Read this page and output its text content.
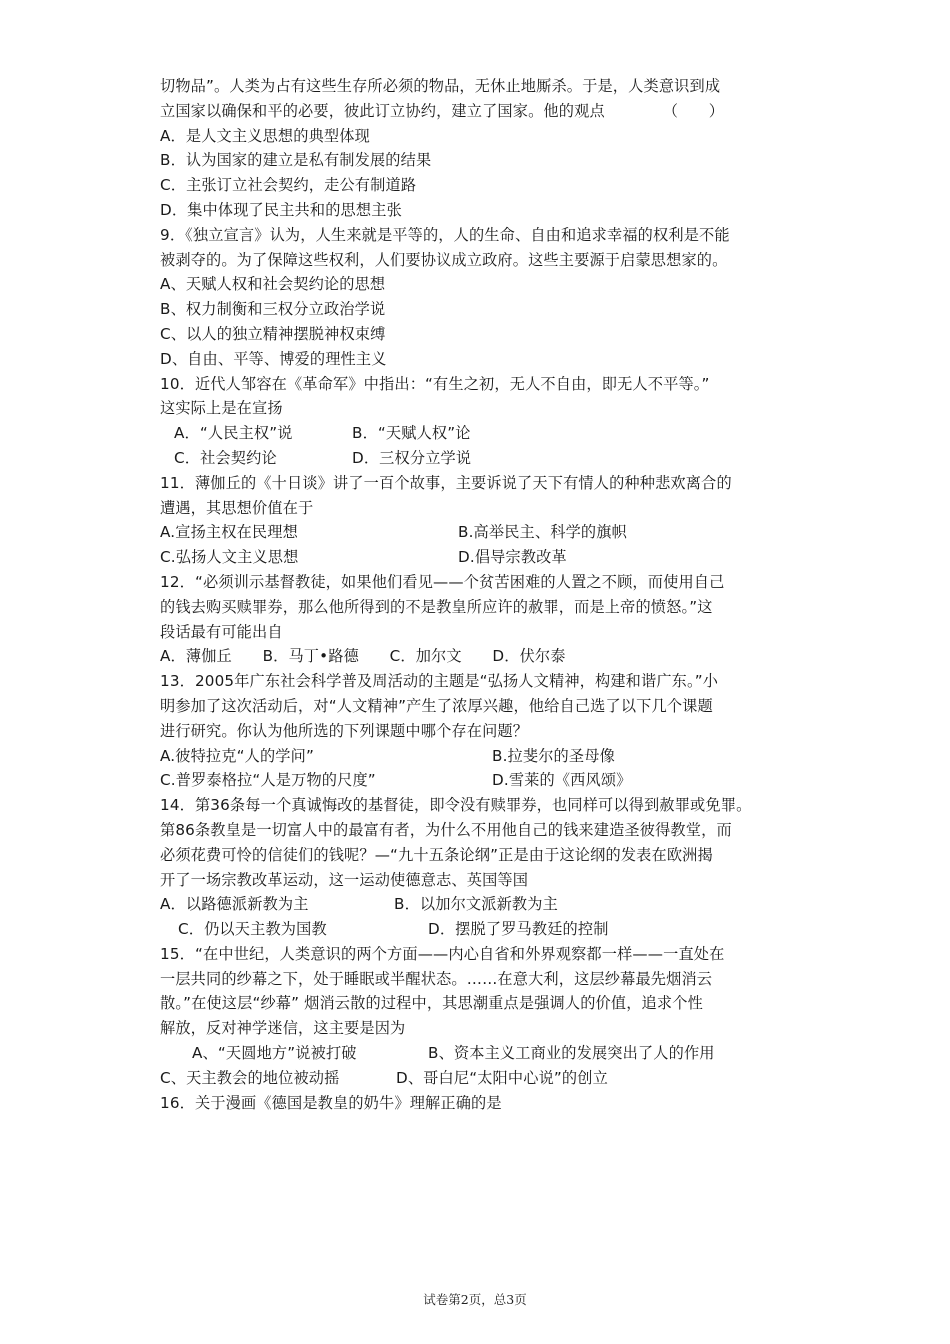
切物品”。人类为占有这些生存所必须的物品，无休止地厮杀。于是，人类意识到成
立国家以确保和平的必要，彼此订立协约，建立了国家。他的观点	（　　）
A．是人文主义思想的典型体现
B．认为国家的建立是私有制发展的结果
C．主张订立社会契约，走公有制道路
D．集中体现了民主共和的思想主张
9．《独立宣言》认为，人生来就是平等的，人的生命、自由和追求幸福的权利是不能
被剥夺的。为了保障这些权利，人们要协议成立政府。这些主要源于启蒙思想家的。
A、天赋人权和社会契约论的思想
B、权力制衡和三权分立政治学说
C、以人的独立精神摆脱神权束缚
D、自由、平等、博爱的理性主义
10．近代人邹容在《革命军》中指出：“有生之初，无人不自由，即无人不平等。”
这实际上是在宣扬
A．“人民主权”说	B．“天赋人权”论
C．社会契约论	D．三权分立学说
11．薄伽丘的《十日谈》讲了一百个故事，主要诉说了天下有情人的种种悲欢离合的
遭遇，其思想价值在于
A.宣扬主权在民理想	B.高举民主、科学的旗帜
C.弘扬人文主义思想	D.倡导宗教改革
12．“必须训示基督教徒，如果他们看见——个贫苦困难的人置之不顾，而使用自己
的钱去购买赎罪券，那么他所得到的不是教皇所应许的赦罪，而是上帝的愤怒。”这
段话最有可能出自
A．薄伽丘　　B．马丁•路德　　C．加尔文　　D．伏尔泰
13．2005年广东社会科学普及周活动的主题是“弘扬人文精神，构建和谐广东。”小
明参加了这次活动后，对“人文精神”产生了浓厚兴趣，他给自己选了以下几个课题
进行研究。你认为他所选的下列课题中哪个存在问题？
A.彼特拉克“人的学问”	B.拉斐尔的圣母像
C.普罗泰格拉“人是万物的尺度”	D.雪莱的《西风颂》
14．第36条每一个真诚悔改的基督徒，即令没有赎罪券，也同样可以得到赦罪或免罪。
第86条教皇是一切富人中的最富有者，为什么不用他自己的钱来建造圣彼得教堂，而
必须花费可怜的信徒们的钱呢？—“九十五条论纲”正是由于这论纲的发表在欧洲揭
开了一场宗教改革运动，这一运动使德意志、英国等国
A．以路德派新教为主	B．以加尔文派新教为主
C．仍以天主教为国教	D．摆脱了罗马教廷的控制
15．“在中世纪，人类意识的两个方面——内心自省和外界观察都一样——一直处在
一层共同的纱幕之下，处于睡眠或半醒状态。……在意大利，这层纱幕最先烟消云
散。”在使这层“纱幕” 烟消云散的过程中，其思潮重点是强调人的价值，追求个性
解放，反对神学迷信，这主要是因为
A、“天圆地方”说被打破	B、资本主义工商业的发展突出了人的作用
C、天主教会的地位被动摇	D、哥白尼“太阳中心说”的创立
16．关于漫画《德国是教皇的奶牛》理解正确的是
试卷第2页，总3页
